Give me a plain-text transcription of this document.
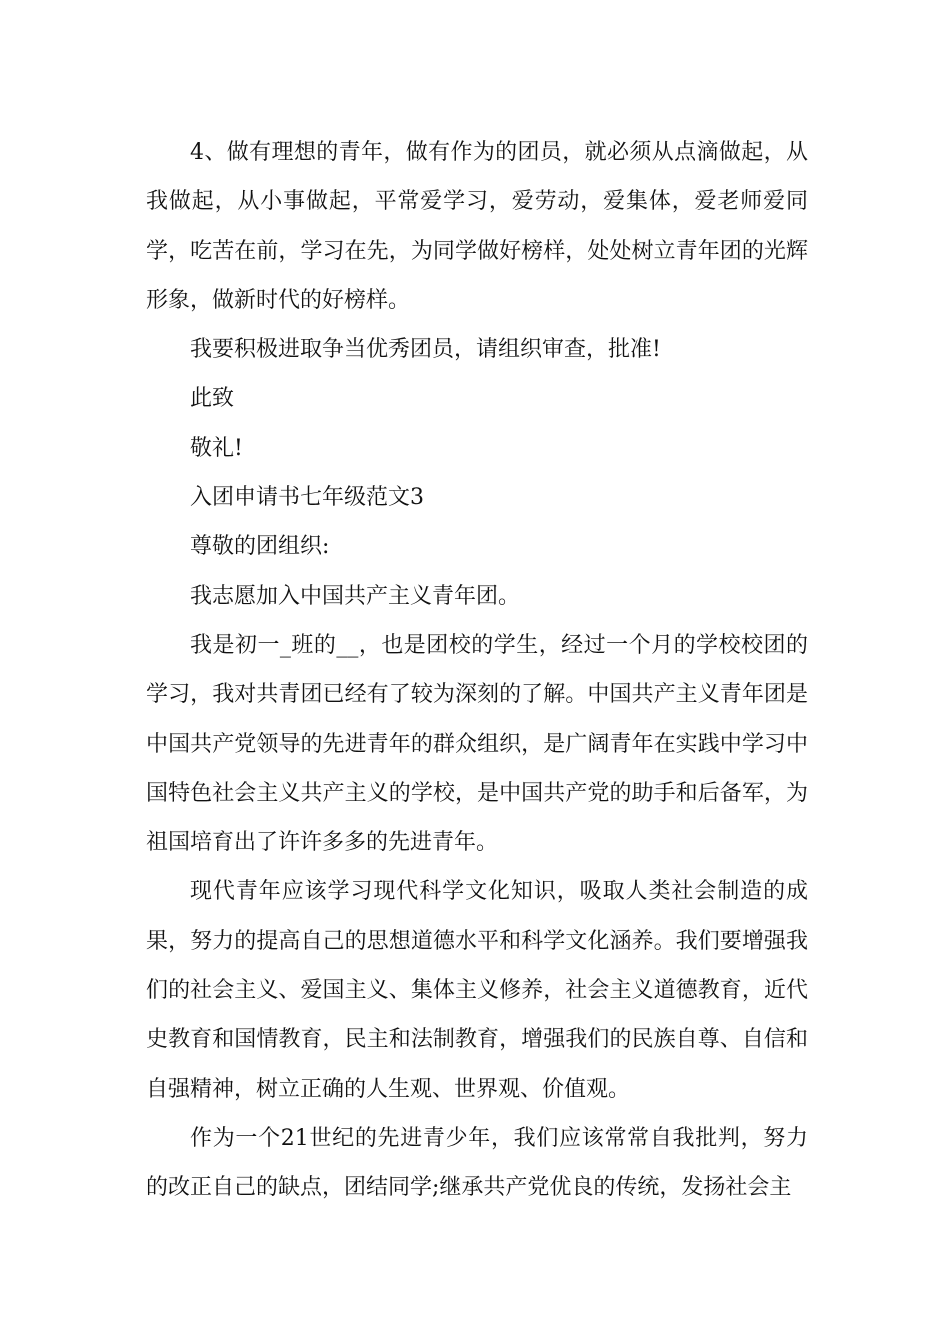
4、做有理想的青年，做有作为的团员，就必须从点滴做起，从我做起，从小事做起，平常爱学习，爱劳动，爱集体，爱老师爱同学，吃苦在前，学习在先，为同学做好榜样，处处树立青年团的光辉形象，做新时代的好榜样。

我要积极进取争当优秀团员，请组织审查，批准!

此致

敬礼!

入团申请书七年级范文3

尊敬的团组织:

我志愿加入中国共产主义青年团。

我是初一_班的__，也是团校的学生，经过一个月的学校校团的学习，我对共青团已经有了较为深刻的了解。中国共产主义青年团是中国共产党领导的先进青年的群众组织，是广阔青年在实践中学习中国特色社会主义共产主义的学校，是中国共产党的助手和后备军，为祖国培育出了许许多多的先进青年。

现代青年应该学习现代科学文化知识，吸取人类社会制造的成果，努力的提高自己的思想道德水平和科学文化涵养。我们要增强我们的社会主义、爱国主义、集体主义修养，社会主义道德教育，近代史教育和国情教育，民主和法制教育，增强我们的民族自尊、自信和自强精神，树立正确的人生观、世界观、价值观。

作为一个21世纪的先进青少年，我们应该常常自我批判，努力的改正自己的缺点，团结同学;继承共产党优良的传统，发扬社会主
